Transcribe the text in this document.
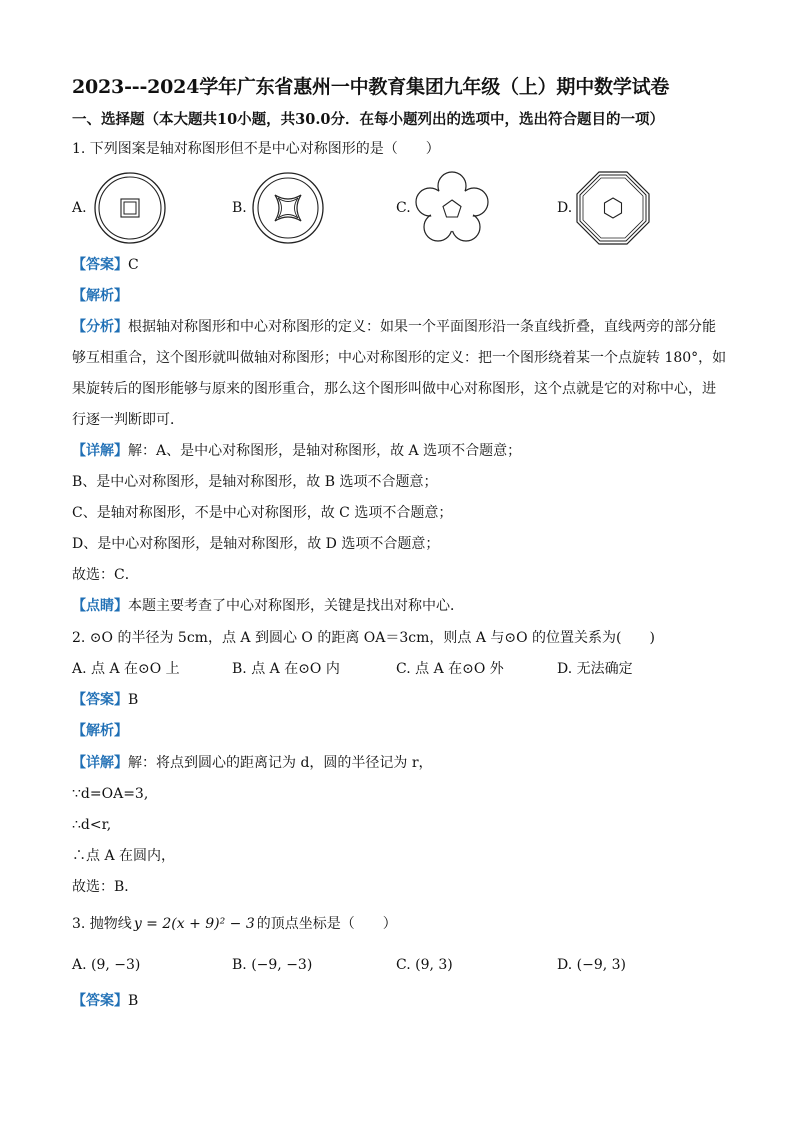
2023---2024学年广东省惠州一中教育集团九年级（上）期中数学试卷
一、选择题（本大题共10小题，共30.0分．在每小题列出的选项中，选出符合题目的一项）
1. 下列图案是轴对称图形但不是中心对称图形的是（　　）
A.	B.	C.	D.
【答案】C
【解析】
【分析】根据轴对称图形和中心对称图形的定义：如果一个平面图形沿一条直线折叠，直线两旁的部分能
够互相重合，这个图形就叫做轴对称图形；中心对称图形的定义：把一个图形绕着某一个点旋转 180°，如
果旋转后的图形能够与原来的图形重合，那么这个图形叫做中心对称图形，这个点就是它的对称中心，进
行逐一判断即可．
【详解】解：A、是中心对称图形，是轴对称图形，故 A 选项不合题意；
B、是中心对称图形，是轴对称图形，故 B 选项不合题意；
C、是轴对称图形，不是中心对称图形，故 C 选项不合题意；
D、是中心对称图形，是轴对称图形，故 D 选项不合题意；
故选：C．
【点睛】本题主要考查了中心对称图形，关键是找出对称中心．
2. ⊙O 的半径为 5cm，点 A 到圆心 O 的距离 OA＝3cm，则点 A 与⊙O 的位置关系为(　　)
A. 点 A 在⊙O 上	B. 点 A 在⊙O 内	C. 点 A 在⊙O 外	D. 无法确定
【答案】B
【解析】
【详解】解：将点到圆心的距离记为 d，圆的半径记为 r，
∵d=OA=3,
∴d<r,
∴点 A 在圆内，
故选：B．
3. 抛物线 y = 2(x + 9)² − 3 的顶点坐标是（　　）
A. (9, −3)	B. (−9, −3)	C. (9, 3)	D. (−9, 3)
【答案】B
